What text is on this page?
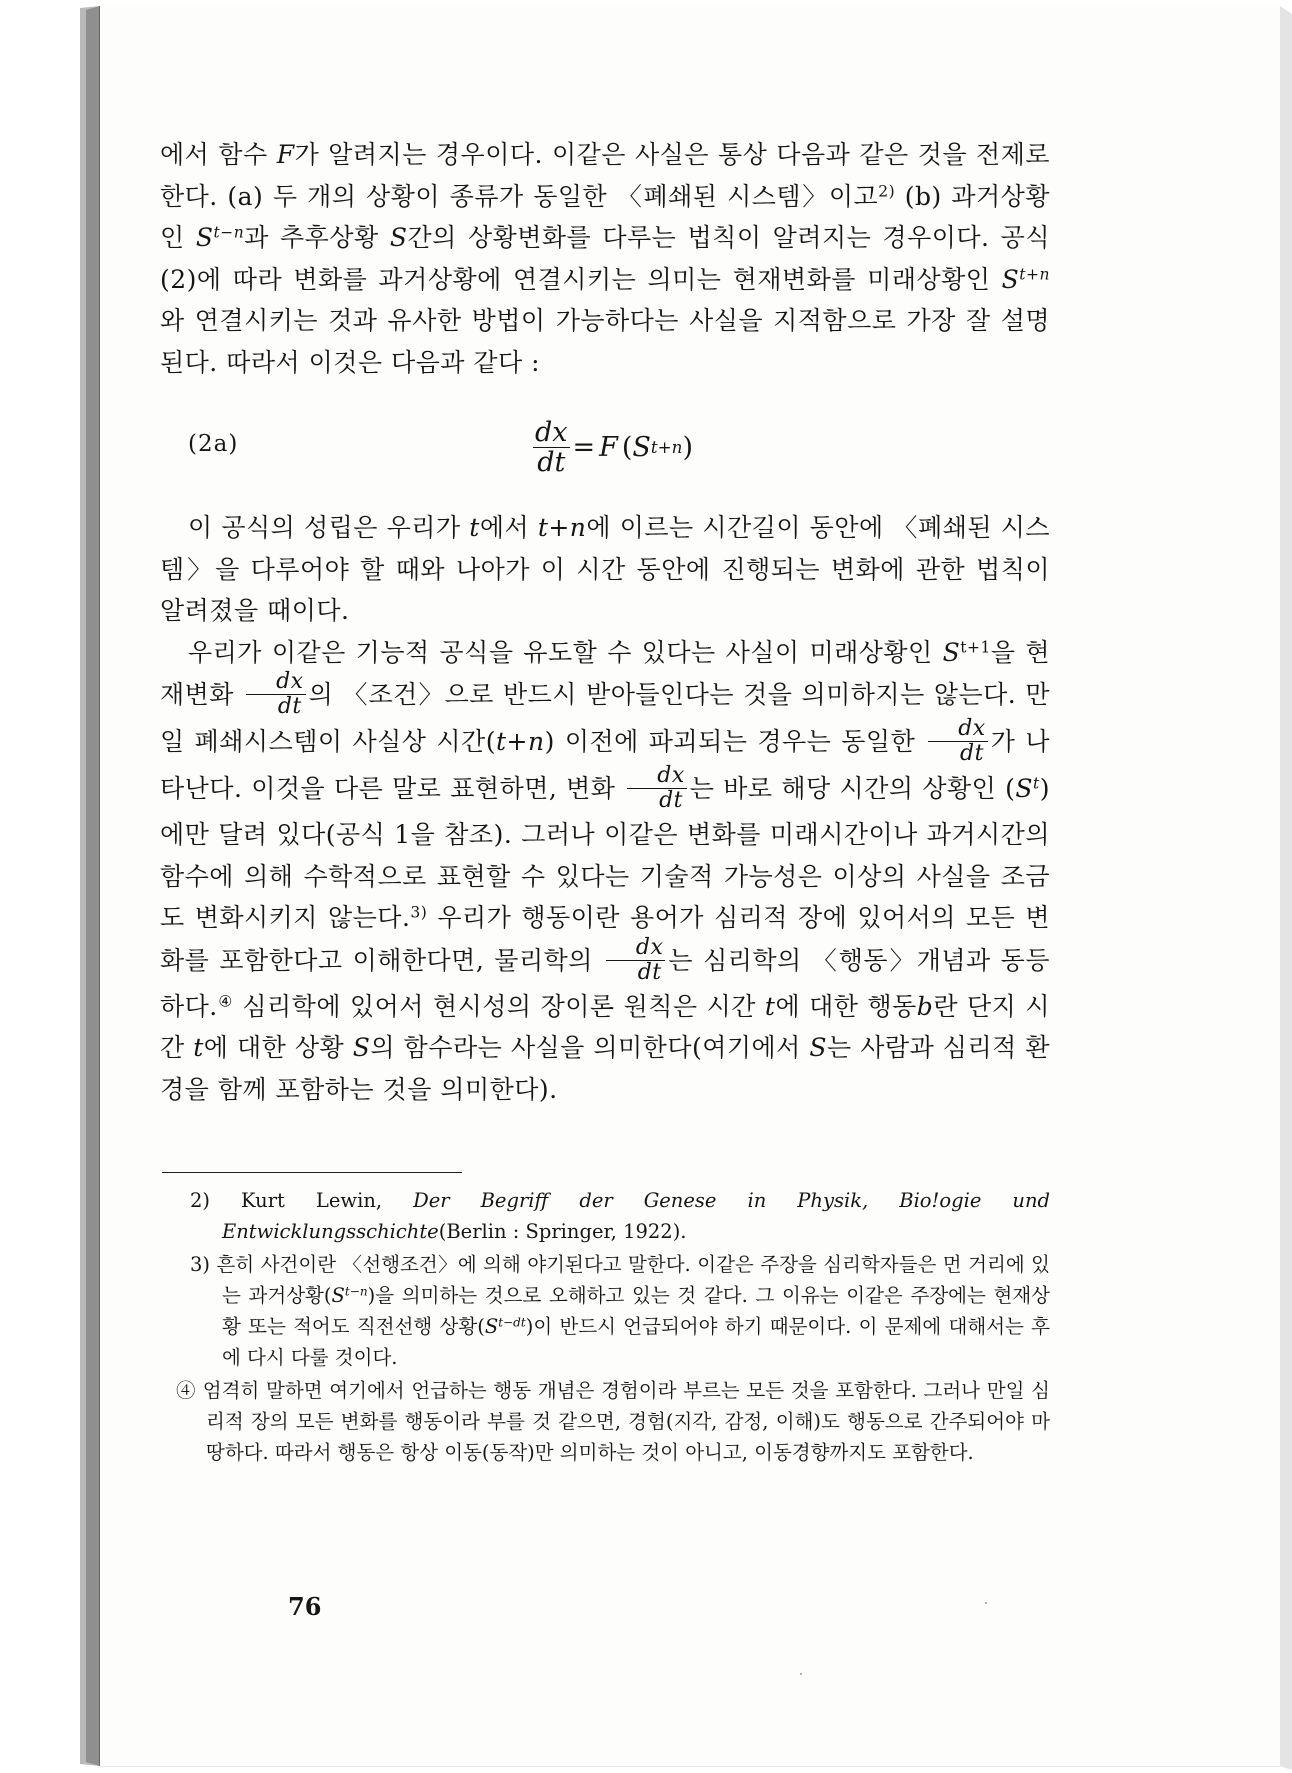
에서 함수 F가 알려지는 경우이다. 이같은 사실은 통상 다음과 같은 것을 전제로 한다. (a) 두 개의 상황이 종류가 동일한 〈폐쇄된 시스템〉이고$^{2)}$ (b) 과거상황인 $S^{t-n}$과 추후상황 S간의 상황변화를 다루는 법칙이 알려지는 경우이다. 공식 (2)에 따라 변화를 과거상황에 연결시키는 의미는 현재변화를 미래상황인 $S^{t+n}$와 연결시키는 것과 유사한 방법이 가능하다는 사실을 지적함으로 가장 잘 설명된다. 따라서 이것은 다음과 같다 :

(2a)	$\frac{dx}{dt} = F$ ( S t+n )

이 공식의 성립은 우리가 t에서 t+n에 이르는 시간길이 동안에 〈폐쇄된 시스템〉을 다루어야 할 때와 나아가 이 시간 동안에 진행되는 변화에 관한 법칙이 알려졌을 때이다.

우리가 이같은 기능적 공식을 유도할 수 있다는 사실이 미래상황인 $S^{t+1}$을 현재변화 $\frac{dx}{dt}$ 의 〈조건〉으로 반드시 받아들인다는 것을 의미하지는 않는다. 만일 폐쇄시스템이 사실상 시간(t+n) 이전에 파괴되는 경우는 동일한 $\frac{dx}{dt}$ 가 나타난다. 이것을 다른 말로 표현하면, 변화 $\frac{dx}{dt}$ 는 바로 해당 시간의 상황인 $(S^t)$에만 달려 있다(공식 1을 참조). 그러나 이같은 변화를 미래시간이나 과거시간의 함수에 의해 수학적으로 표현할 수 있다는 기술적 가능성은 이상의 사실을 조금도 변화시키지 않는다.$^{3)}$ 우리가 행동이란 용어가 심리적 장에 있어서의 모든 변화를 포함한다고 이해한다면, 물리학의 $\frac{dx}{dt}$ 는 심리학의 〈행동〉개념과 동등하다.④ 심리학에 있어서 현시성의 장이론 원칙은 시간 t에 대한 행동b란 단지 시간 t에 대한 상황 S의 함수라는 사실을 의미한다(여기에서 S는 사람과 심리적 환경을 함께 포함하는 것을 의미한다).

2) Kurt Lewin, Der Begriff der Genese in Physik, Bio!ogie und Entwicklungsschichte(Berlin : Springer, 1922).

3) 흔히 사건이란 〈선행조건〉에 의해 야기된다고 말한다. 이같은 주장을 심리학자들은 먼 거리에 있는 과거상황$(S^{t-n})$을 의미하는 것으로 오해하고 있는 것 같다. 그 이유는 이같은 주장에는 현재상황 또는 적어도 직전선행 상황$(S^{t-dt})$이 반드시 언급되어야 하기 때문이다. 이 문제에 대해서는 후에 다시 다룰 것이다.

④ 엄격히 말하면 여기에서 언급하는 행동 개념은 경험이라 부르는 모든 것을 포함한다. 그러나 만일 심리적 장의 모든 변화를 행동이라 부를 것 같으면, 경험(지각, 감정, 이해)도 행동으로 간주되어야 마땅하다. 따라서 행동은 항상 이동(동작)만 의미하는 것이 아니고, 이동경향까지도 포함한다.

76
